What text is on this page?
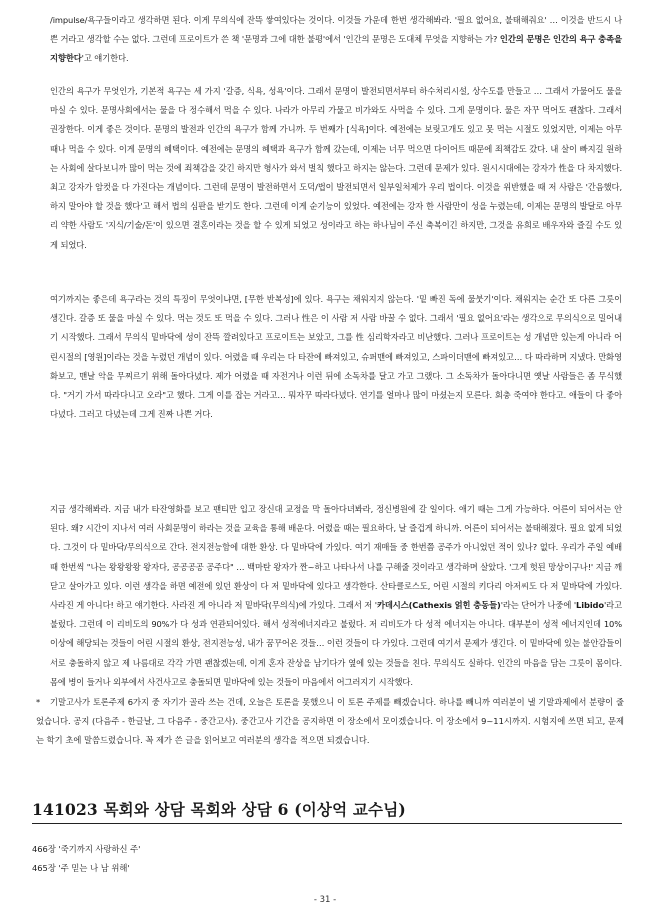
/impulse/욕구들이라고 생각하면 된다. 이게 무의식에 잔뜩 쌓여있다는 것이다. 이것들 가운데 한번 생각해봐라. '필요 없어요, 불태해줘요' … 이것을 반드시 나쁜 거라고 생각할 수는 없다. 그런데 프로이트가 쓴 책 '문명과 그에 대한 불평'에서 '인간의 문명은 도대체 무엇을 지향하는 가? 인간의 문명은 인간의 욕구 충족을 지향한다'고 얘기한다.

인간의 욕구가 무엇인가, 기본적 욕구는 세 가지 '갈증, 식욕, 성욕'이다. 그래서 문명이 발전되면서부터 하수처리시설, 상수도를 만들고 … 그래서 가물어도 물을 마실 수 있다. 문명사회에서는 물을 다 정수해서 먹을 수 있다. 나라가 아무리 가물고 비가와도 사먹을 수 있다. 그게 문명이다. 물은 자꾸 먹어도 괜찮다. 그래서 권장한다. 이게 좋은 것이다. 문명의 발전과 인간의 욕구가 함께 가니까. 두 번째가 [식욕]이다. 예전에는 보릿고개도 있고 못 먹는 시절도 있었지만, 이제는 아무 때나 먹을 수 있다. 이게 문명의 혜택이다. 예전에는 문명의 혜택과 욕구가 함께 갔는데, 이제는 너무 먹으면 다이어트 때문에 죄책감도 갔다. 내 살이 빠지길 원하는 사회에 살다보니까 많이 먹는 것에 죄책감을 갖긴 하지만 형사가 와서 벌칙 했다고 하지는 않는다. 그런데 문제가 있다. 원시시대에는 강자가 性을 다 차지했다. 최고 강자가 암컷을 다 가진다는 개념이다. 그런데 문명이 발전하면서 도덕/법이 발전되면서 일부일처제가 우리 법이다. 이것을 위반했을 때 저 사람은 '간음했다, 하지 말아야 할 것을 했다'고 해서 법의 심판을 받기도 한다. 그런데 이게 순기능이 있었다. 예전에는 강자 한 사람만이 성을 누렸는데, 이제는 문명의 발달로 아무리 약한 사람도 '지식/기술/돈'이 있으면 결혼이라는 것을 할 수 있게 되었고 성이라고 하는 하나님이 주신 축복이긴 하지만, 그것을 유희로 배우자와 즐길 수도 있게 되었다.

여기까지는 좋은데 욕구라는 것의 특징이 무엇이냐면, [무한 반복성]에 있다. 욕구는 채워지지 않는다. '밑 빠진 독에 물붓기'이다. 채워지는 순간 또 다른 그릇이 생긴다. 갈증 또 물을 마실 수 있다. 먹는 것도 또 먹을 수 있다. 그러나 性은 이 사람 저 사람 바꿀 수 없다. 그래서 '필요 없어요'라는 생각으로 무의식으로 밀어내기 시작했다. 그래서 무의식 밑바닥에 성이 잔뜩 깔려있다고 프로이트는 보았고, 그를 性 심리학자라고 비난했다. 그러나 프로이트는 성 개념만 있는게 아니라 어린시절의 [영원]이라는 것을 누렸던 개념이 있다. 어렸을 때 우리는 다 타잔에 빠져있고, 슈퍼맨에 빠져있고, 스파이더맨에 빠져있고… 다 따라하며 지냈다. 만화영화보고, 맨날 악을 무찌르기 위해 돌아다녔다. 제가 어렸을 때 자전거나 이런 뒤에 소독차를 달고 가고 그랬다. 그 소독차가 돌아다니면 옛날 사람들은 좀 무식했다. "거기 가서 따라다니고 오라"고 했다. 그게 이를 잡는 거라고… 뭐자꾸 따라다녔다. 연기를 얼마나 많이 마셨는지 모른다. 회충 죽여야 한다고. 애들이 다 좋아다녔다. 그러고 다녔는데 그게 진짜 나쁜 거다.

지금 생각해봐라. 지금 내가 타잔영화를 보고 팬티만 입고 장신대 교정을 막 돌아다녀봐라, 정신병원에 갈 일이다. 애기 때는 그게 가능하다. 어른이 되어서는 안 된다. 왜? 시간이 지나서 여러 사회문명이 하라는 것을 교육을 통해 배운다. 어렸을 때는 필요하다, 날 즐겁게 하니까. 어른이 되어서는 불태해졌다. 필요 없게 되었다. 그것이 다 밑바닥/무의식으로 간다. 전지전능함에 대한 환상. 다 밑바닥에 가있다. 여기 재매들 중 한번쯤 공주가 아니었던 적이 있나? 없다. 우리가 주일 예배 때 한번씩 "나는 왕왕왕왕 왕자다, 공공공공 공주다" … 백마탄 왕자가 짠~하고 나타나서 나를 구해줄 것이라고 생각하며 살았다. '그게 헛된 망상이구나!' 지금 깨닫고 살아가고 있다. 이런 생각을 하면 예전에 있던 환상이 다 저 밑바닥에 있다고 생각한다. 산타클로스도, 어린 시절의 키다리 아저씨도 다 저 밑바닥에 가있다. 사라진 게 아니다! 하고 얘기한다. 사라진 게 아니라 저 밑바닥(무의식)에 가있다. 그래서 저 '카데시스(Cathexis 얽힌 충동들)'라는 단어가 나중에 'Libido'라고 불렀다. 그런데 이 리비도의 90%가 다 성과 연관되어있다. 해서 성적에너지라고 불렀다. 저 리비도가 다 성적 에너지는 아니다. 대부분이 성적 에너지인데 10% 이상에 해당되는 것들이 어린 시절의 환상, 전지전능성, 내가 꿈꾸어온 것들… 이런 것들이 다 가있다. 그런데 여기서 문제가 생긴다. 이 밑바닥에 있는 불안감들이 서로 충돌하지 않고 제 나름대로 각각 가면 괜찮겠는데, 이게 혼자 잔상을 남기다가 옆에 있는 것들을 친다. 무의식도 실하다. 인간의 마음을 담는 그릇이 몸이다. 몸에 병이 들거나 외부에서 사건사고로 충돌되면 밑바닥에 있는 것들이 마음에서 어그러지기 시작했다.

* 기말고사가 토론주제 6가지 중 자기가 골라 쓰는 건데, 오늘은 토론을 못했으니 이 토론 주제를 빼겠습니다. 하나를 빼니까 여러분이 낼 기말과제에서 분량이 줄었습니다. 공지 (다음주 - 한글날, 그 다음주 - 중간고사). 중간고사 기간을 공지하면 이 장소에서 모이겠습니다. 이 장소에서 9~11시까지. 시험지에 쓰면 되고, 문제는 학기 초에 말씀드렸습니다. 꼭 제가 쓴 글을 읽어보고 여러분의 생각을 적으면 되겠습니다.

141023 목회와 상담 목회와 상담 6 (이상억 교수님)
466장 '죽기까지 사랑하신 주'
465장 '주 믿는 나 남 위해'
- 31 -
